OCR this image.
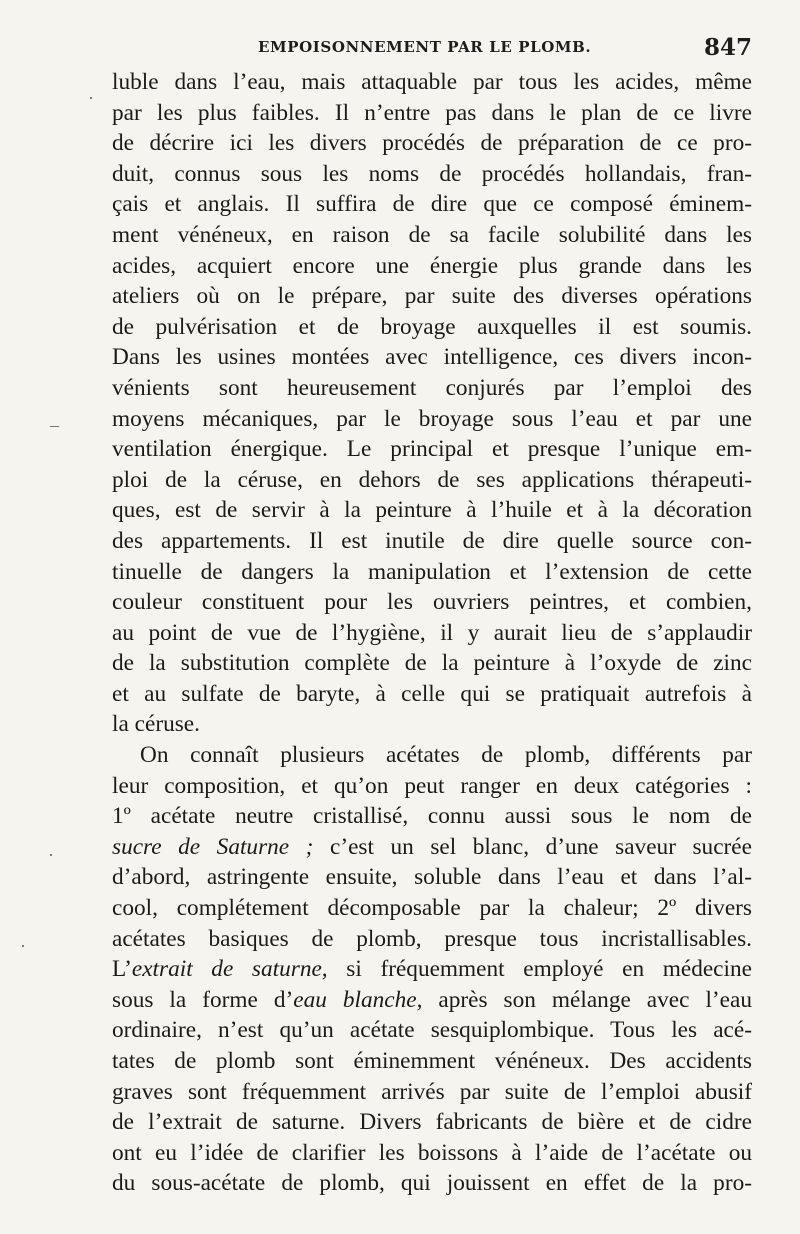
EMPOISONNEMENT PAR LE PLOMB.	847
luble dans l’eau, mais attaquable par tous les acides, même
par les plus faibles. Il n’entre pas dans le plan de ce livre
de décrire ici les divers procédés de préparation de ce pro-
duit, connus sous les noms de procédés hollandais, fran-
çais et anglais. Il suffira de dire que ce composé éminem-
ment vénéneux, en raison de sa facile solubilité dans les
acides, acquiert encore une énergie plus grande dans les
ateliers où on le prépare, par suite des diverses opérations
de pulvérisation et de broyage auxquelles il est soumis.
Dans les usines montées avec intelligence, ces divers incon-
vénients sont heureusement conjurés par l’emploi des
moyens mécaniques, par le broyage sous l’eau et par une
ventilation énergique. Le principal et presque l’unique em-
ploi de la céruse, en dehors de ses applications thérapeuti-
ques, est de servir à la peinture à l’huile et à la décoration
des appartements. Il est inutile de dire quelle source con-
tinuelle de dangers la manipulation et l’extension de cette
couleur constituent pour les ouvriers peintres, et combien,
au point de vue de l’hygiène, il y aurait lieu de s’applaudir
de la substitution complète de la peinture à l’oxyde de zinc
et au sulfate de baryte, à celle qui se pratiquait autrefois à
la céruse.
On connaît plusieurs acétates de plomb, différents par
leur composition, et qu’on peut ranger en deux catégories :
1º acétate neutre cristallisé, connu aussi sous le nom de
sucre de Saturne ; c’est un sel blanc, d’une saveur sucrée
d’abord, astringente ensuite, soluble dans l’eau et dans l’al-
cool, complétement décomposable par la chaleur; 2º divers
acétates basiques de plomb, presque tous incristallisables.
L’extrait de saturne, si fréquemment employé en médecine
sous la forme d’eau blanche, après son mélange avec l’eau
ordinaire, n’est qu’un acétate sesquiplombique. Tous les acé-
tates de plomb sont éminemment vénéneux. Des accidents
graves sont fréquemment arrivés par suite de l’emploi abusif
de l’extrait de saturne. Divers fabricants de bière et de cidre
ont eu l’idée de clarifier les boissons à l’aide de l’acétate ou
du sous-acétate de plomb, qui jouissent en effet de la pro-
·
–
·
·
